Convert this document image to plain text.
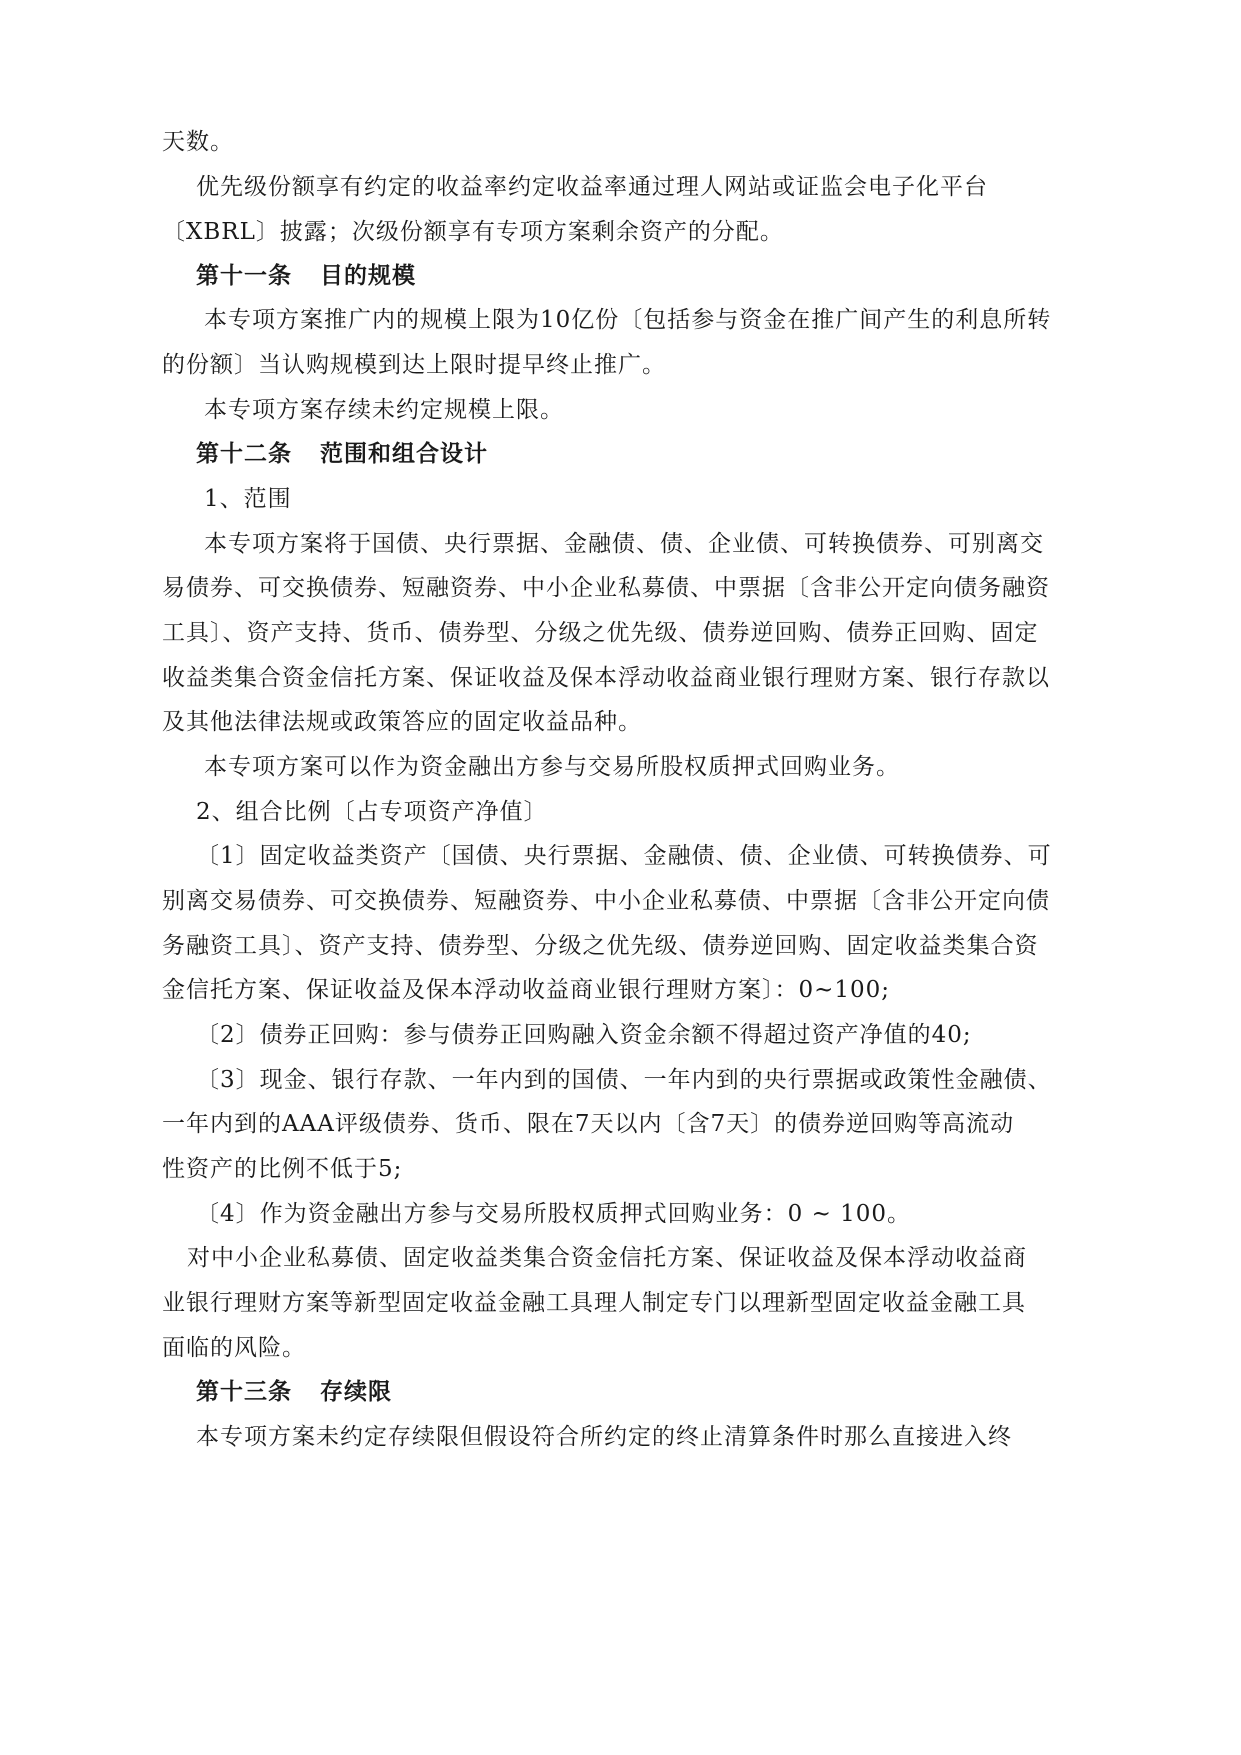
天数。
优先级份额享有约定的收益率约定收益率通过理人网站或证监会电子化平台
〔XBRL〕披露；次级份额享有专项方案剩余资产的分配。
第十一条 目的规模
本专项方案推广内的规模上限为10亿份〔包括参与资金在推广间产生的利息所转
的份额〕当认购规模到达上限时提早终止推广。
本专项方案存续未约定规模上限。
第十二条 范围和组合设计
1、范围
本专项方案将于国债、央行票据、金融债、债、企业债、可转换债券、可别离交
易债券、可交换债券、短融资券、中小企业私募债、中票据〔含非公开定向债务融资
工具〕、资产支持、货币、债券型、分级之优先级、债券逆回购、债券正回购、固定
收益类集合资金信托方案、保证收益及保本浮动收益商业银行理财方案、银行存款以
及其他法律法规或政策答应的固定收益品种。
本专项方案可以作为资金融出方参与交易所股权质押式回购业务。
2、组合比例〔占专项资产净值〕
〔1〕固定收益类资产〔国债、央行票据、金融债、债、企业债、可转换债券、可
别离交易债券、可交换债券、短融资券、中小企业私募债、中票据〔含非公开定向债
务融资工具〕、资产支持、债券型、分级之优先级、债券逆回购、固定收益类集合资
金信托方案、保证收益及保本浮动收益商业银行理财方案〕：0~100;
〔2〕债券正回购：参与债券正回购融入资金余额不得超过资产净值的40;
〔3〕现金、银行存款、一年内到的国债、一年内到的央行票据或政策性金融债、
一年内到的AAA评级债券、货币、限在7天以内〔含7天〕的债券逆回购等高流动
性资产的比例不低于5;
〔4〕作为资金融出方参与交易所股权质押式回购业务：0 ~ 100。
对中小企业私募债、固定收益类集合资金信托方案、保证收益及保本浮动收益商
业银行理财方案等新型固定收益金融工具理人制定专门以理新型固定收益金融工具
面临的风险。
第十三条 存续限
本专项方案未约定存续限但假设符合所约定的终止清算条件时那么直接进入终
